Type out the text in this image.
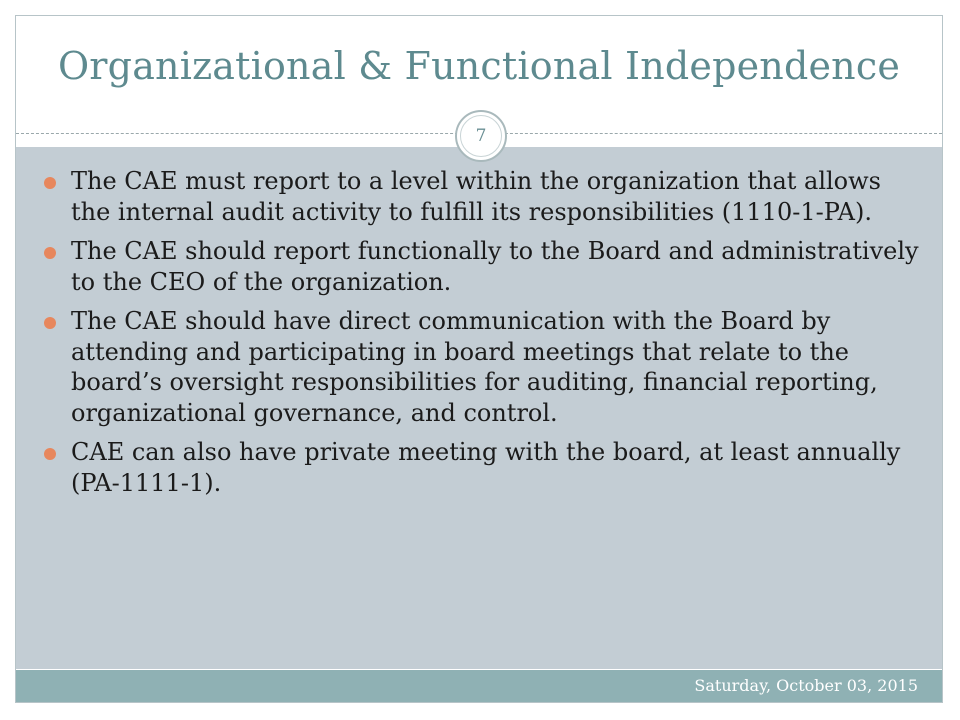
Organizational & Functional Independence
7
The CAE must report to a level within the organization that allows the internal audit activity to fulfill its responsibilities (1110-1-PA).
The CAE should report functionally to the Board and administratively to the CEO of the organization.
The CAE should have direct communication with the Board by attending and participating in board meetings that relate to the board’s oversight responsibilities for auditing, financial reporting, organizational governance, and control.
CAE can also have private meeting with the board, at least annually (PA-1111-1).
Saturday, October 03, 2015
